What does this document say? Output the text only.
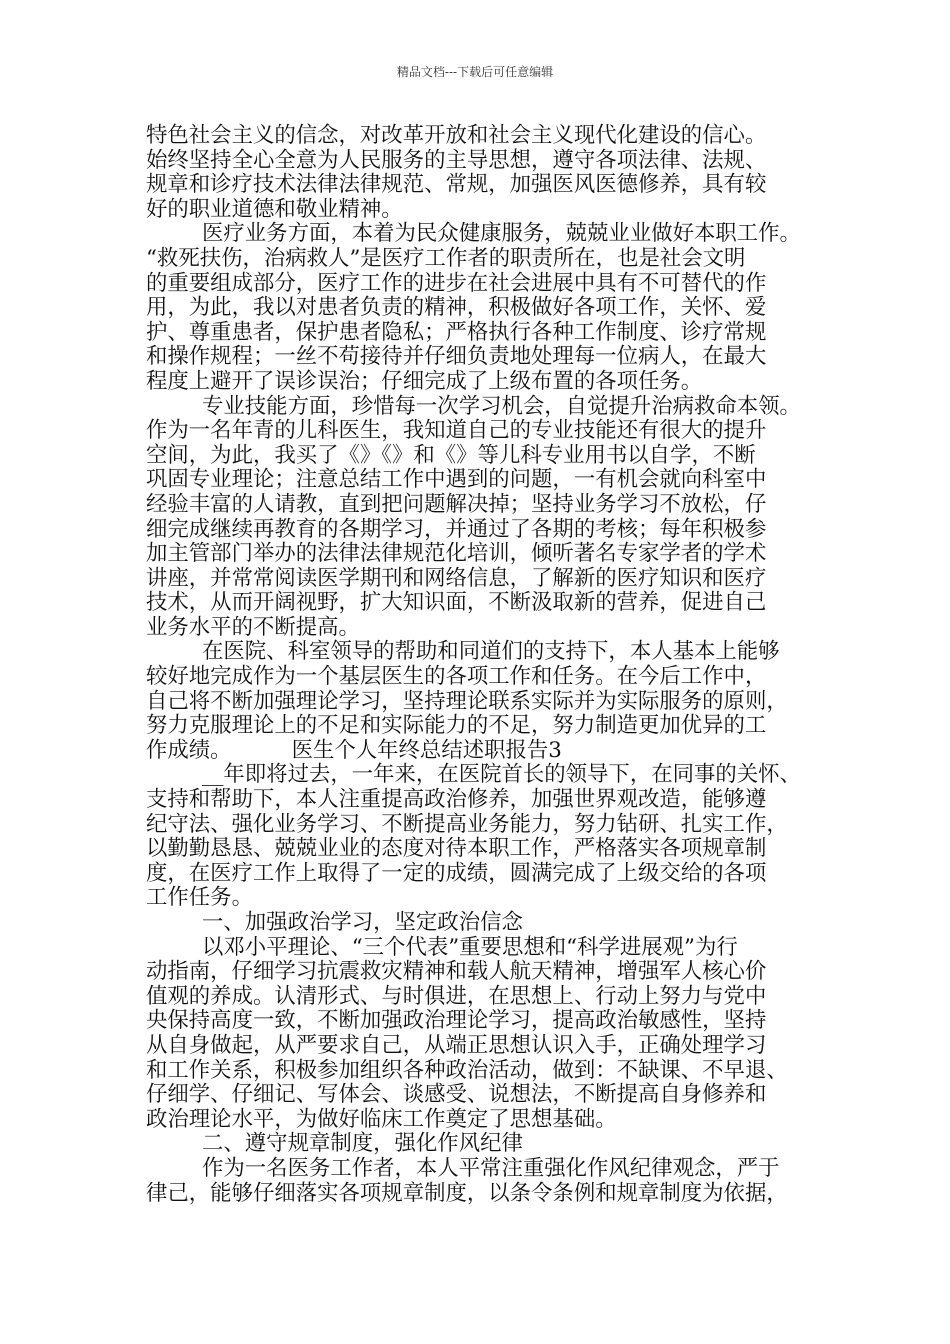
精品文档---下载后可任意编辑
特色社会主义的信念，对改革开放和社会主义现代化建设的信心。
始终坚持全心全意为人民服务的主导思想，遵守各项法律、法规、
规章和诊疗技术法律法律规范、常规，加强医风医德修养，具有较
好的职业道德和敬业精神。
医疗业务方面，本着为民众健康服务，兢兢业业做好本职工作。
“救死扶伤，治病救人”是医疗工作者的职责所在，也是社会文明
的重要组成部分，医疗工作的进步在社会进展中具有不可替代的作
用，为此，我以对患者负责的精神，积极做好各项工作，关怀、爱
护、尊重患者，保护患者隐私；严格执行各种工作制度、诊疗常规
和操作规程；一丝不苟接待并仔细负责地处理每一位病人，在最大
程度上避开了误诊误治；仔细完成了上级布置的各项任务。
专业技能方面，珍惜每一次学习机会，自觉提升治病救命本领。
作为一名年青的儿科医生，我知道自己的专业技能还有很大的提升
空间，为此，我买了《》《》和《》等儿科专业用书以自学，不断
巩固专业理论；注意总结工作中遇到的问题，一有机会就向科室中
经验丰富的人请教，直到把问题解决掉；坚持业务学习不放松，仔
细完成继续再教育的各期学习，并通过了各期的考核；每年积极参
加主管部门举办的法律法律规范化培训，倾听著名专家学者的学术
讲座，并常常阅读医学期刊和网络信息，了解新的医疗知识和医疗
技术，从而开阔视野，扩大知识面，不断汲取新的营养，促进自己
业务水平的不断提高。
在医院、科室领导的帮助和同道们的支持下，本人基本上能够
较好地完成作为一个基层医生的各项工作和任务。在今后工作中，
自己将不断加强理论学习，坚持理论联系实际并为实际服务的原则，
努力克服理论上的不足和实际能力的不足，努力制造更加优异的工
作成绩。	医生个人年终总结述职报告3
__年即将过去，一年来，在医院首长的领导下，在同事的关怀、
支持和帮助下，本人注重提高政治修养，加强世界观改造，能够遵
纪守法、强化业务学习、不断提高业务能力，努力钻研、扎实工作，
以勤勤恳恳、兢兢业业的态度对待本职工作，严格落实各项规章制
度，在医疗工作上取得了一定的成绩，圆满完成了上级交给的各项
工作任务。
一、加强政治学习，坚定政治信念
以邓小平理论、“三个代表”重要思想和“科学进展观”为行
动指南，仔细学习抗震救灾精神和载人航天精神，增强军人核心价
值观的养成。认清形式、与时俱进，在思想上、行动上努力与党中
央保持高度一致，不断加强政治理论学习，提高政治敏感性，坚持
从自身做起，从严要求自己，从端正思想认识入手，正确处理学习
和工作关系，积极参加组织各种政治活动，做到：不缺课、不早退、
仔细学、仔细记、写体会、谈感受、说想法，不断提高自身修养和
政治理论水平，为做好临床工作奠定了思想基础。
二、遵守规章制度，强化作风纪律
作为一名医务工作者，本人平常注重强化作风纪律观念，严于
律己，能够仔细落实各项规章制度，以条令条例和规章制度为依据，
